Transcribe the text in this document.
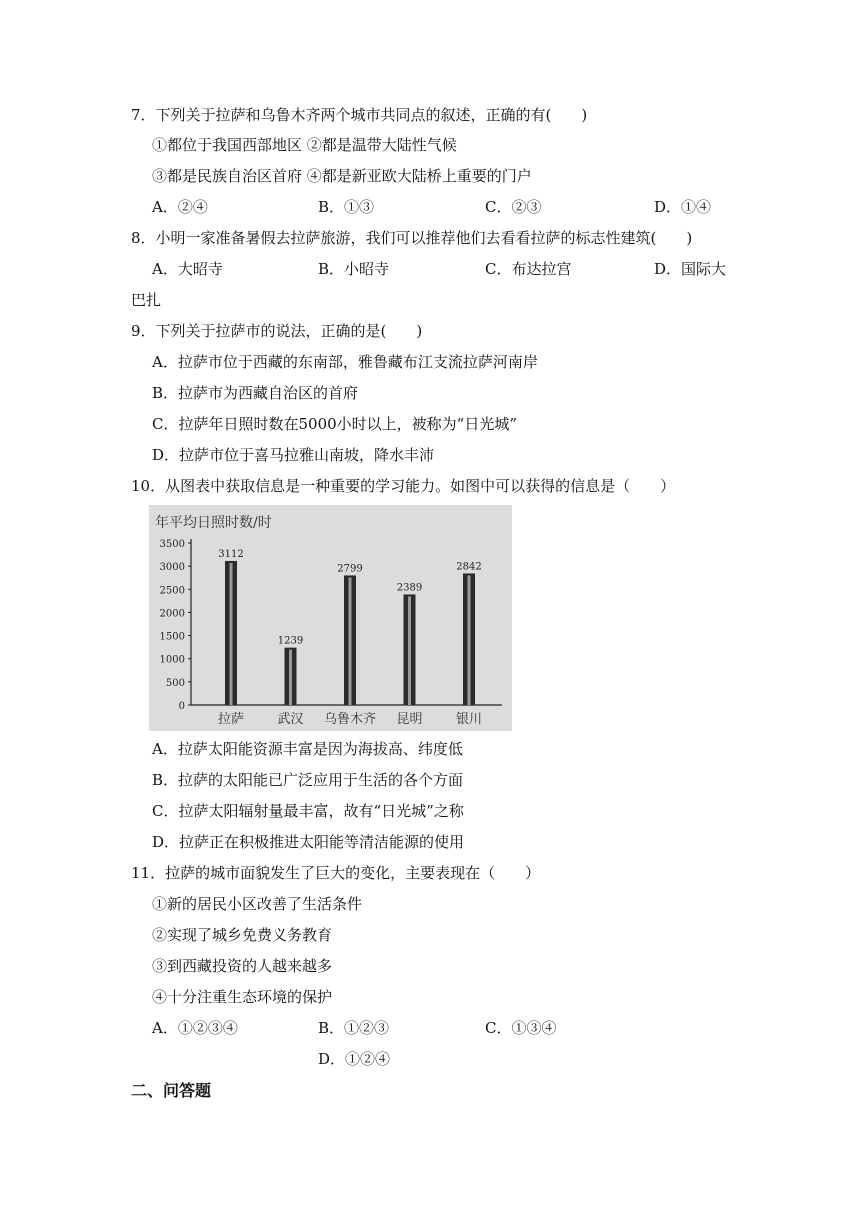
7．下列关于拉萨和乌鲁木齐两个城市共同点的叙述，正确的有(　　)
①都位于我国西部地区 ②都是温带大陆性气候
③都是民族自治区首府 ④都是新亚欧大陆桥上重要的门户
A．②④	B．①③	C．②③	D．①④
8．小明一家准备暑假去拉萨旅游，我们可以推荐他们去看看拉萨的标志性建筑(　　)
A．大昭寺	B．小昭寺	C．布达拉宫	D．国际大
巴扎
9．下列关于拉萨市的说法，正确的是(　　)
A．拉萨市位于西藏的东南部，雅鲁藏布江支流拉萨河南岸
B．拉萨市为西藏自治区的首府
C．拉萨年日照时数在5000小时以上，被称为“日光城”
D．拉萨市位于喜马拉雅山南坡，降水丰沛
10．从图表中获取信息是一种重要的学习能力。如图中可以获得的信息是（　　）
年平均日照时数/时
3500
3000
2500
2000
1500
1000
500
0
3112
拉萨
1239
武汉
2799
乌鲁木齐
2389
昆明
2842
银川
A．拉萨太阳能资源丰富是因为海拔高、纬度低
B．拉萨的太阳能已广泛应用于生活的各个方面
C．拉萨太阳辐射量最丰富，故有“日光城”之称
D．拉萨正在积极推进太阳能等清洁能源的使用
11．拉萨的城市面貌发生了巨大的变化，主要表现在（　　）
①新的居民小区改善了生活条件
②实现了城乡免费义务教育
③到西藏投资的人越来越多
④十分注重生态环境的保护
A．①②③④	B．①②③	C．①③④
D．①②④
二、问答题
